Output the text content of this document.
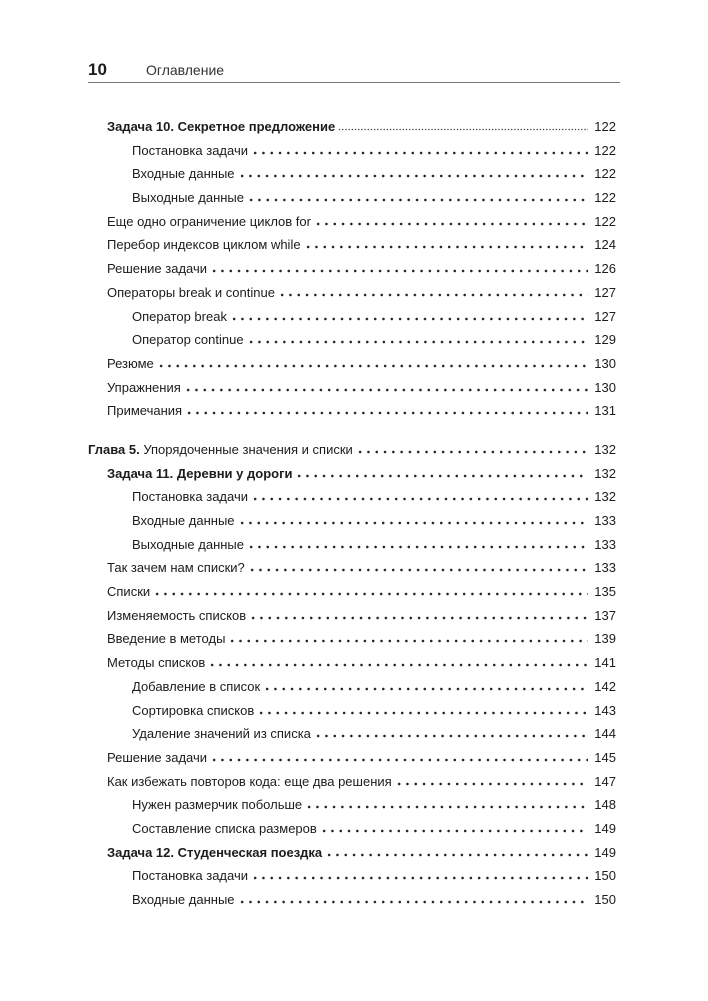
10	Оглавление
Задача 10. Секретное предложение	122
Постановка задачи	122
Входные данные	122
Выходные данные	122
Еще одно ограничение циклов for	122
Перебор индексов циклом while	124
Решение задачи	126
Операторы break и continue	127
Оператор break	127
Оператор continue	129
Резюме	130
Упражнения	130
Примечания	131
Глава 5. Упорядоченные значения и списки	132
Задача 11. Деревни у дороги	132
Постановка задачи	132
Входные данные	133
Выходные данные	133
Так зачем нам списки?	133
Списки	135
Изменяемость списков	137
Введение в методы	139
Методы списков	141
Добавление в список	142
Сортировка списков	143
Удаление значений из списка	144
Решение задачи	145
Как избежать повторов кода: еще два решения	147
Нужен размерчик побольше	148
Составление списка размеров	149
Задача 12. Студенческая поездка	149
Постановка задачи	150
Входные данные	150
